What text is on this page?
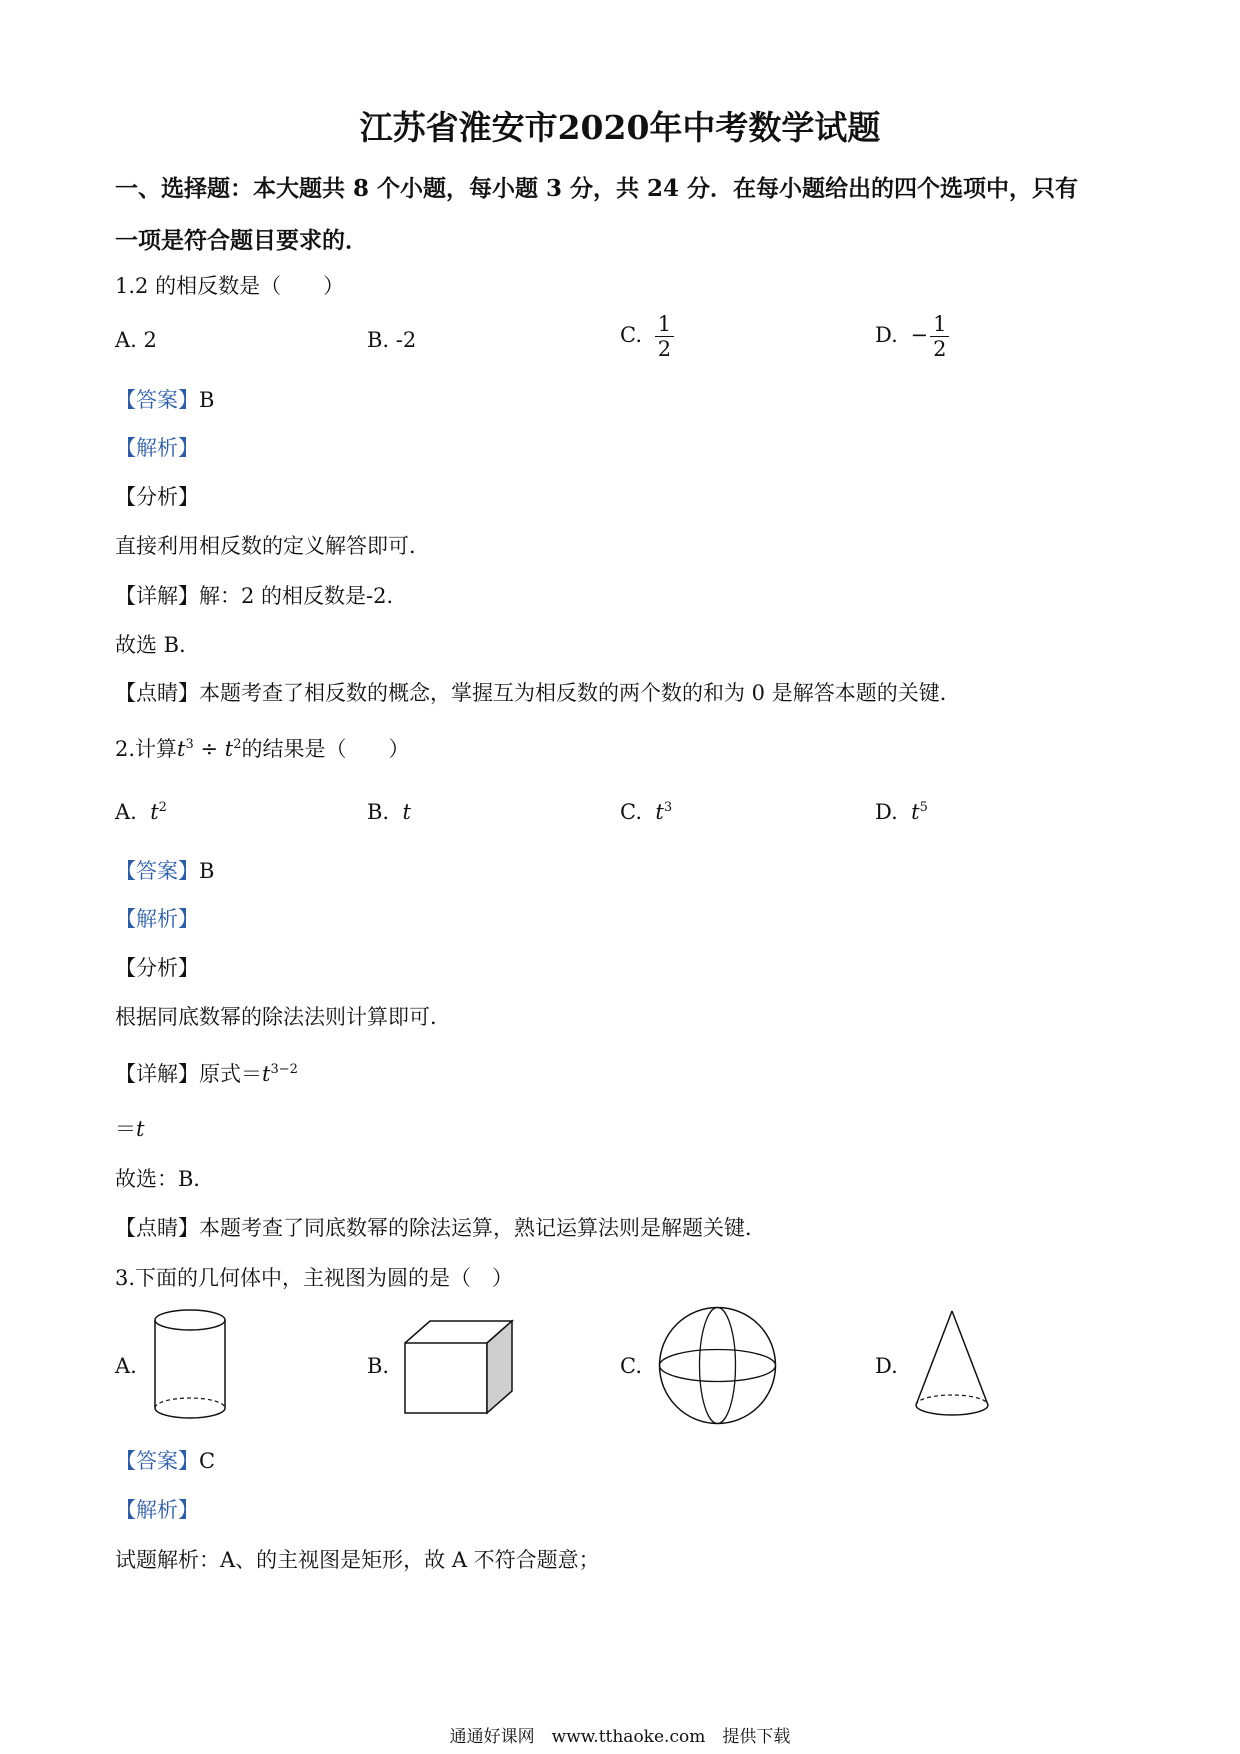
江苏省淮安市2020年中考数学试题
一、选择题：本大题共 8 个小题，每小题 3 分，共 24 分．在每小题给出的四个选项中，只有
一项是符合题目要求的．
1.2 的相反数是（　　）
A. 2	B. -2	C. $\frac{1}{2}$	D. − $\frac{1}{2}$
【答案】B
【解析】
【分析】
直接利用相反数的定义解答即可．
【详解】解：2 的相反数是-2．
故选 B．
【点睛】本题考查了相反数的概念，掌握互为相反数的两个数的和为 0 是解答本题的关键．
2.计算$t^3 \div t^2$的结果是（　　）
A. $t^2$	B. t	C. $t^3$	D. $t^5$
【答案】B
【解析】
【分析】
根据同底数幂的除法法则计算即可．
【详解】原式$=t^{3-2}$
＝t
故选：B．
【点睛】本题考查了同底数幂的除法运算，熟记运算法则是解题关键．
3.下面的几何体中，主视图为圆的是（　）
A.	B.	C.	D.
【答案】C
【解析】
试题解析：A、的主视图是矩形，故 A 不符合题意；
通通好课网　www.tthaoke.com　提供下载
